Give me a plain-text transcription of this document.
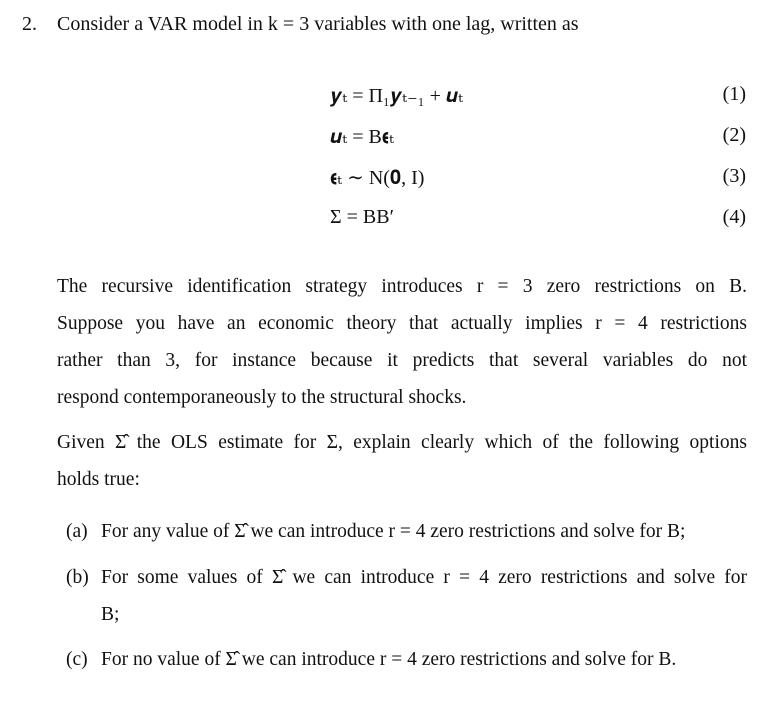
2. Consider a VAR model in k = 3 variables with one lag, written as
𝒚ₜ = Π₁𝒚ₜ₋₁ + 𝒖ₜ	(1)
𝒖ₜ = B𝛜ₜ	(2)
𝛜ₜ ∼ N(𝟎, I)	(3)
Σ = BB′	(4)
The recursive identification strategy introduces r = 3 zero restrictions on B.
Suppose you have an economic theory that actually implies r = 4 restrictions
rather than 3, for instance because it predicts that several variables do not
respond contemporaneously to the structural shocks.
Given Σ̂ the OLS estimate for Σ, explain clearly which of the following options
holds true:
(a) For any value of Σ̂ we can introduce r = 4 zero restrictions and solve for B;
(b) For some values of Σ̂ we can introduce r = 4 zero restrictions and solve for
B;
(c) For no value of Σ̂ we can introduce r = 4 zero restrictions and solve for B.
